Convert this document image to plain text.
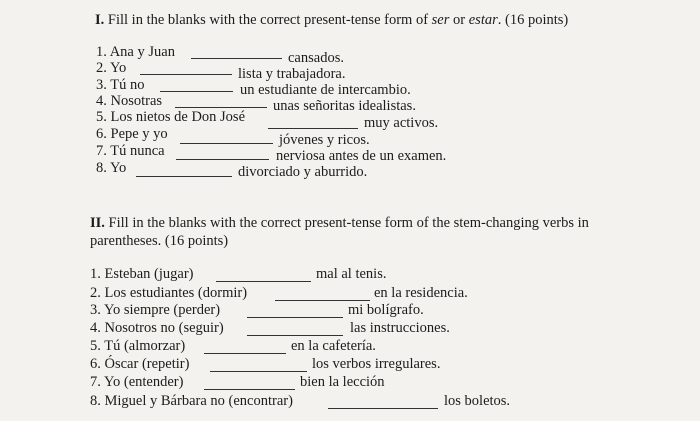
I. Fill in the blanks with the correct present-tense form of ser or estar. (16 points)
1. Ana y Juan	cansados.
2. Yo	lista y trabajadora.
3. Tú no	un estudiante de intercambio.
4. Nosotras	unas señoritas idealistas.
5. Los nietos de Don José	muy activos.
6. Pepe y yo	jóvenes y ricos.
7. Tú nunca	nerviosa antes de un examen.
8. Yo	divorciado y aburrido.
II. Fill in the blanks with the correct present-tense form of the stem-changing verbs in
parentheses. (16 points)
1. Esteban (jugar)	mal al tenis.
2. Los estudiantes (dormir)	en la residencia.
3. Yo siempre (perder)	mi bolígrafo.
4. Nosotros no (seguir)	las instrucciones.
5. Tú (almorzar)	en la cafetería.
6. Óscar (repetir)	los verbos irregulares.
7. Yo (entender)	bien la lección
8. Miguel y Bárbara no (encontrar)	los boletos.
